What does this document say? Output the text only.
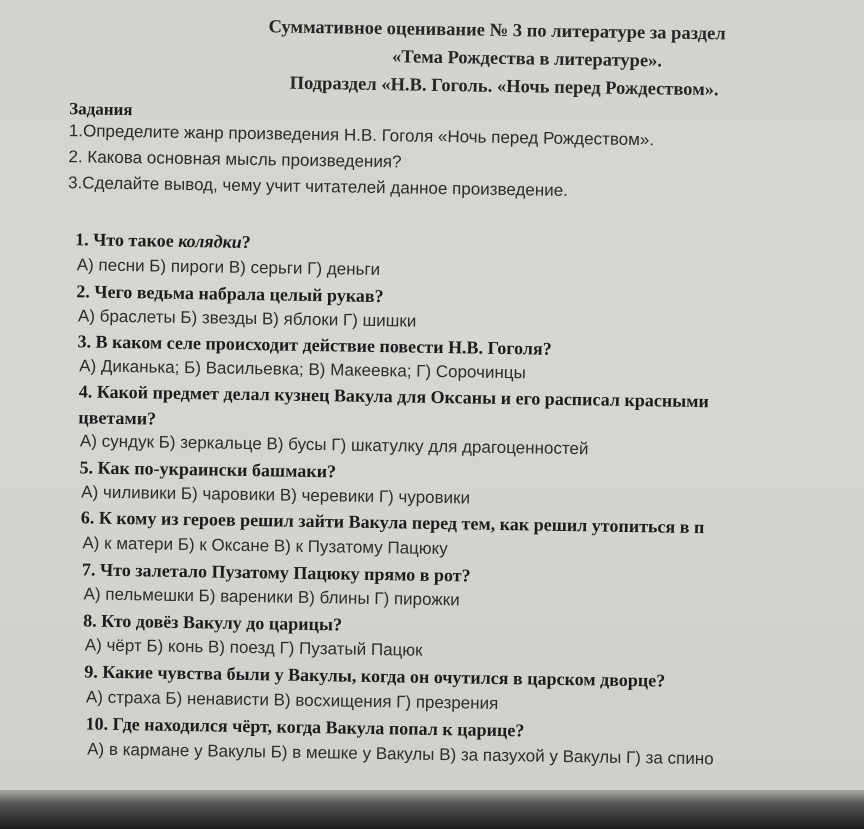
Суммативное оценивание № 3 по литературе за раздел
«Тема Рождества в литературе».
Подраздел «Н.В. Гоголь. «Ночь перед Рождеством».
Задания
1.Определите жанр произведения Н.В. Гоголя «Ночь перед Рождеством».
2. Какова основная мысль произведения?
3.Сделайте вывод, чему учит читателей данное произведение.
1. Что такое колядки?
А) песни Б) пироги В) серьги Г) деньги
2. Чего ведьма набрала целый рукав?
А) браслеты Б) звезды В) яблоки Г) шишки
3. В каком селе происходит действие повести Н.В. Гоголя?
А) Диканька; Б) Васильевка; В) Макеевка; Г) Сорочинцы
4. Какой предмет делал кузнец Вакула для Оксаны и его расписал красными
цветами?
А) сундук Б) зеркальце В) бусы Г) шкатулку для драгоценностей
5. Как по-украински башмаки?
А) чиливики Б) чаровики В) черевики Г) чуровики
6. К кому из героев решил зайти Вакула перед тем, как решил утопиться в п
А) к матери Б) к Оксане В) к Пузатому Пацюку
7. Что залетало Пузатому Пацюку прямо в рот?
А) пельмешки Б) вареники В) блины Г) пирожки
8. Кто довёз Вакулу до царицы?
А) чёрт Б) конь В) поезд Г) Пузатый Пацюк
9. Какие чувства были у Вакулы, когда он очутился в царском дворце?
А) страха Б) ненависти В) восхищения Г) презрения
10. Где находился чёрт, когда Вакула попал к царице?
А) в кармане у Вакулы Б) в мешке у Вакулы В) за пазухой у Вакулы Г) за спино
